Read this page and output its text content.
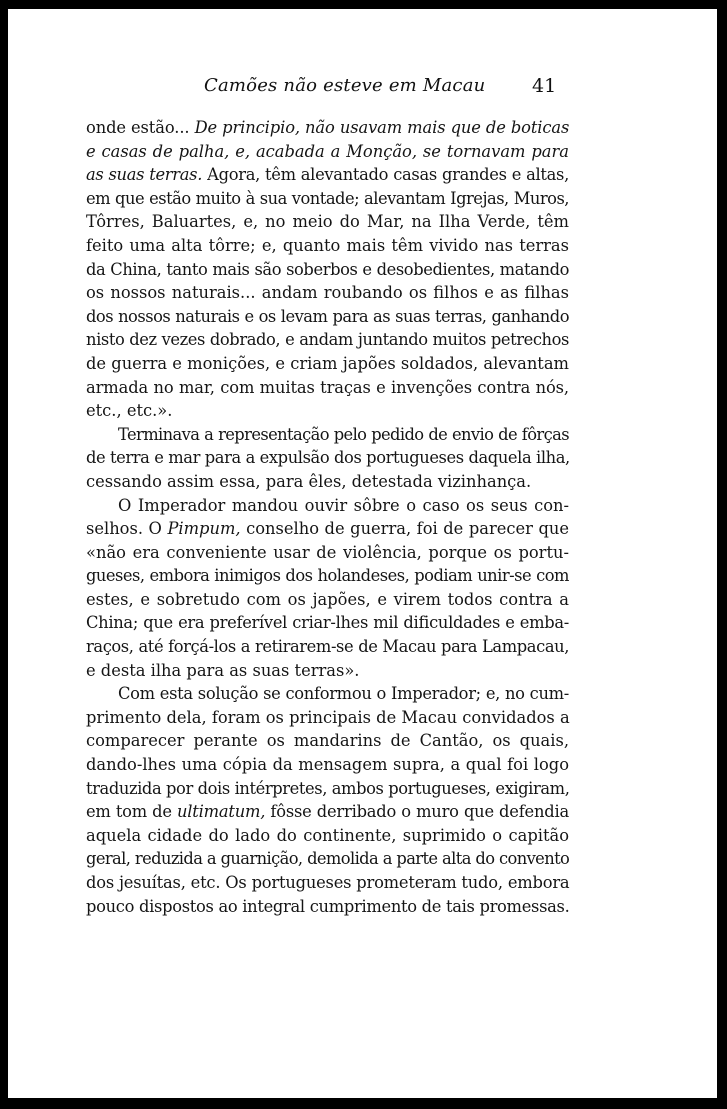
Camões não esteve em Macau 41
onde estão... De principio, não usavam mais que de boticas
e casas de palha, e, acabada a Monção, se tornavam para
as suas terras. Agora, têm alevantado casas grandes e altas,
em que estão muito à sua vontade; alevantam Igrejas, Muros,
Tôrres, Baluartes, e, no meio do Mar, na Ilha Verde, têm
feito uma alta tôrre; e, quanto mais têm vivido nas terras
da China, tanto mais são soberbos e desobedientes, matando
os nossos naturais... andam roubando os filhos e as filhas
dos nossos naturais e os levam para as suas terras, ganhando
nisto dez vezes dobrado, e andam juntando muitos petrechos
de guerra e monições, e criam japões soldados, alevantam
armada no mar, com muitas traças e invenções contra nós,
etc., etc.».
Terminava a representação pelo pedido de envio de fôrças
de terra e mar para a expulsão dos portugueses daquela ilha,
cessando assim essa, para êles, detestada vizinhança.
O Imperador mandou ouvir sôbre o caso os seus con-
selhos. O Pimpum, conselho de guerra, foi de parecer que
«não era conveniente usar de violência, porque os portu-
gueses, embora inimigos dos holandeses, podiam unir-se com
estes, e sobretudo com os japões, e virem todos contra a
China; que era preferível criar-lhes mil dificuldades e emba-
raços, até forçá-los a retirarem-se de Macau para Lampacau,
e desta ilha para as suas terras».
Com esta solução se conformou o Imperador; e, no cum-
primento dela, foram os principais de Macau convidados a
comparecer perante os mandarins de Cantão, os quais,
dando-lhes uma cópia da mensagem supra, a qual foi logo
traduzida por dois intérpretes, ambos portugueses, exigiram,
em tom de ultimatum, fôsse derribado o muro que defendia
aquela cidade do lado do continente, suprimido o capitão
geral, reduzida a guarnição, demolida a parte alta do convento
dos jesuítas, etc. Os portugueses prometeram tudo, embora
pouco dispostos ao integral cumprimento de tais promessas.
